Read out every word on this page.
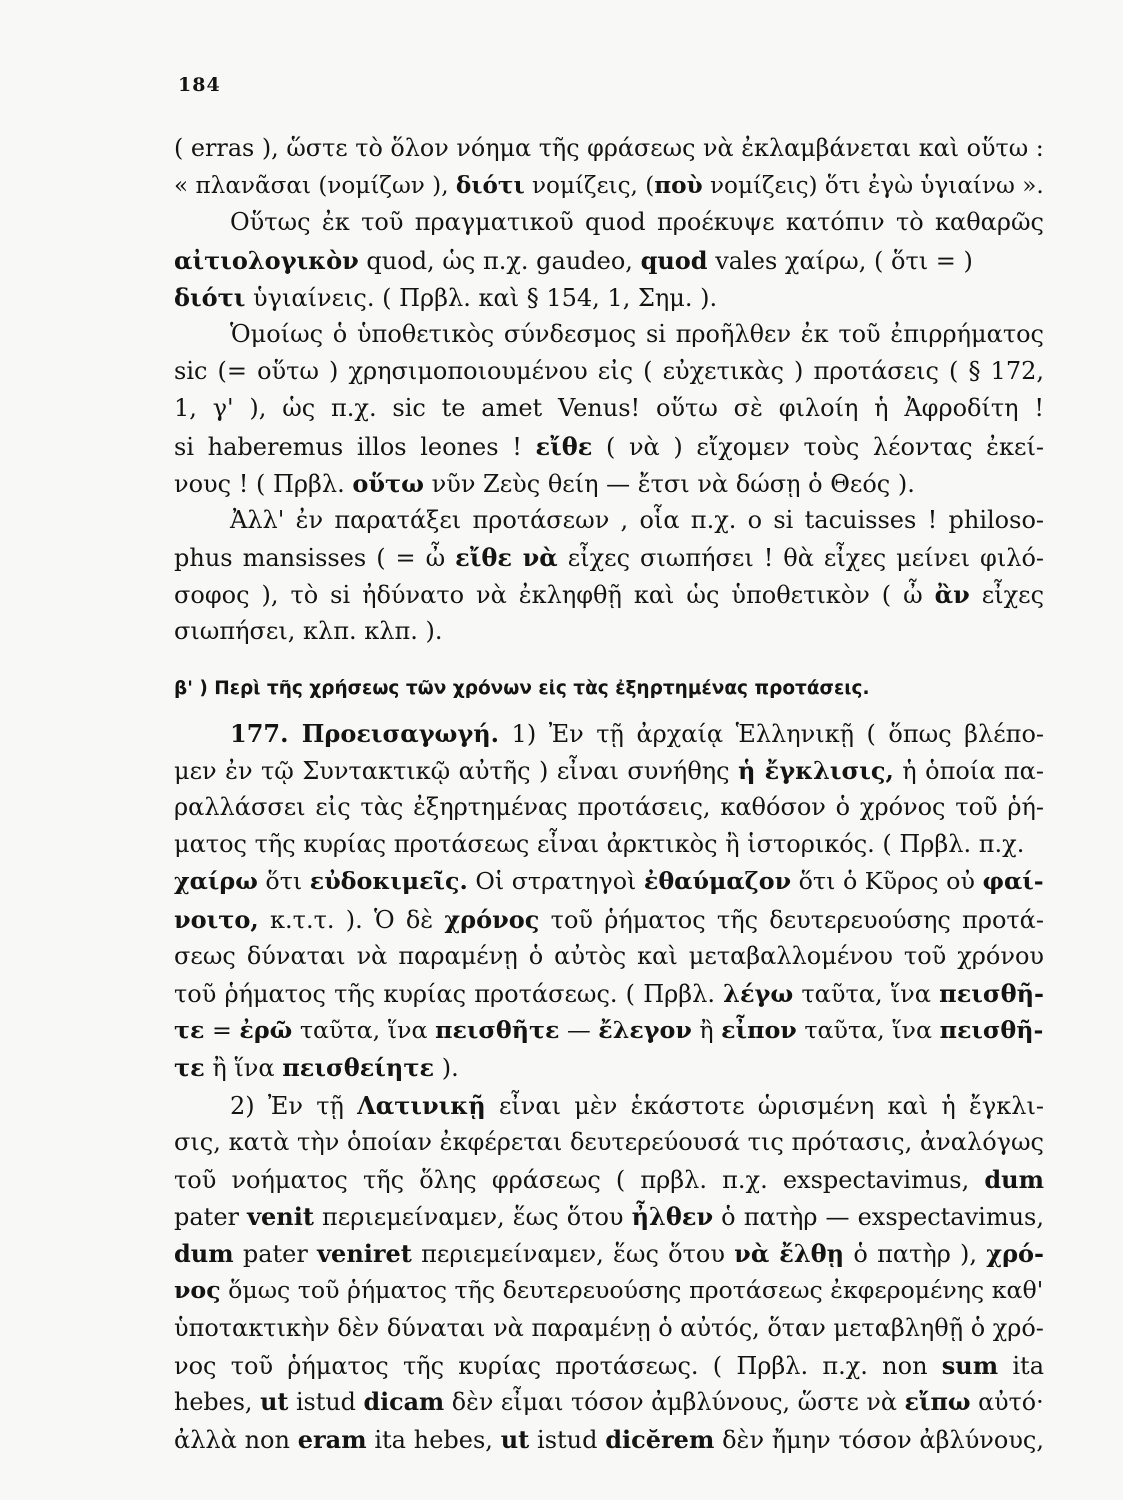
184
( erras ), ὥστε τὸ ὅλον νόημα τῆς φράσεως νὰ ἐκλαμβάνεται καὶ οὕτω :
« πλανᾶσαι (νομίζων ), διότι νομίζεις, (ποὺ νομίζεις) ὅτι ἐγὼ ὑγιαίνω ».
Οὕτως ἐκ τοῦ πραγματικοῦ quod προέκυψε κατόπιν τὸ καθαρῶς
αἰτιολογικὸν quod, ὡς π.χ. gaudeo, quod vales χαίρω, ( ὅτι = )
διότι ὑγιαίνεις. ( Πρβλ. καὶ § 154, 1, Σημ. ).
Ὁμοίως ὁ ὑποθετικὸς σύνδεσμος si προῆλθεν ἐκ τοῦ ἐπιρρήματος
sic (= οὕτω ) χρησιμοποιουμένου εἰς ( εὐχετικὰς ) προτάσεις ( § 172,
1, γ' ), ὡς π.χ. sic te amet Venus! οὕτω σὲ φιλοίη ἡ Ἀφροδίτη !
si haberemus illos leones ! εἴθε ( νὰ ) εἴχομεν τοὺς λέοντας ἐκεί-
νους ! ( Πρβλ. οὕτω νῦν Ζεὺς θείη — ἔτσι νὰ δώσῃ ὁ Θεός ).
Ἀλλ' ἐν παρατάξει προτάσεων , οἷα π.χ. o si tacuisses ! philoso-
phus mansisses ( = ὦ εἴθε νὰ εἶχες σιωπήσει ! θὰ εἶχες μείνει φιλό-
σοφος ), τὸ si ἠδύνατο νὰ ἐκληφθῇ καὶ ὡς ὑποθετικὸν ( ὦ ἂν εἶχες
σιωπήσει, κλπ. κλπ. ).
β' ) Περὶ τῆς χρήσεως τῶν χρόνων εἰς τὰς ἐξηρτημένας προτάσεις.
177. Προεισαγωγή. 1) Ἐν τῇ ἀρχαίᾳ Ἑλληνικῇ ( ὅπως βλέπο-
μεν ἐν τῷ Συντακτικῷ αὐτῆς ) εἶναι συνήθης ἡ ἔγκλισις, ἡ ὁποία πα-
ραλλάσσει εἰς τὰς ἐξηρτημένας προτάσεις, καθόσον ὁ χρόνος τοῦ ῥή-
ματος τῆς κυρίας προτάσεως εἶναι ἀρκτικὸς ἢ ἱστορικός. ( Πρβλ. π.χ.
χαίρω ὅτι εὐδοκιμεῖς. Οἱ στρατηγοὶ ἐθαύμαζον ὅτι ὁ Κῦρος οὐ φαί-
νοιτο, κ.τ.τ. ). Ὁ δὲ χρόνος τοῦ ῥήματος τῆς δευτερευούσης προτά-
σεως δύναται νὰ παραμένῃ ὁ αὐτὸς καὶ μεταβαλλομένου τοῦ χρόνου
τοῦ ῥήματος τῆς κυρίας προτάσεως. ( Πρβλ. λέγω ταῦτα, ἵνα πεισθῆ-
τε = ἐρῶ ταῦτα, ἵνα πεισθῆτε — ἔλεγον ἢ εἶπον ταῦτα, ἵνα πεισθῆ-
τε ἢ ἵνα πεισθείητε ).
2) Ἐν τῇ Λατινικῇ εἶναι μὲν ἑκάστοτε ὡρισμένη καὶ ἡ ἔγκλι-
σις, κατὰ τὴν ὁποίαν ἐκφέρεται δευτερεύουσά τις πρότασις, ἀναλόγως
τοῦ νοήματος τῆς ὅλης φράσεως ( πρβλ. π.χ. exspectavimus, dum
pater venit περιεμείναμεν, ἕως ὅτου ἦλθεν ὁ πατὴρ — exspectavimus,
dum pater veniret περιεμείναμεν, ἕως ὅτου νὰ ἔλθῃ ὁ πατὴρ ), χρό-
νος ὅμως τοῦ ῥήματος τῆς δευτερευούσης προτάσεως ἐκφερομένης καθ'
ὑποτακτικὴν δὲν δύναται νὰ παραμένῃ ὁ αὐτός, ὅταν μεταβληθῇ ὁ χρό-
νος τοῦ ῥήματος τῆς κυρίας προτάσεως. ( Πρβλ. π.χ. non sum ita
hebes, ut istud dicam δὲν εἶμαι τόσον ἀμβλύνους, ὥστε νὰ εἴπω αὐτό·
ἀλλὰ non eram ita hebes, ut istud dicĕrem δὲν ἤμην τόσον ἀβλύνους,
